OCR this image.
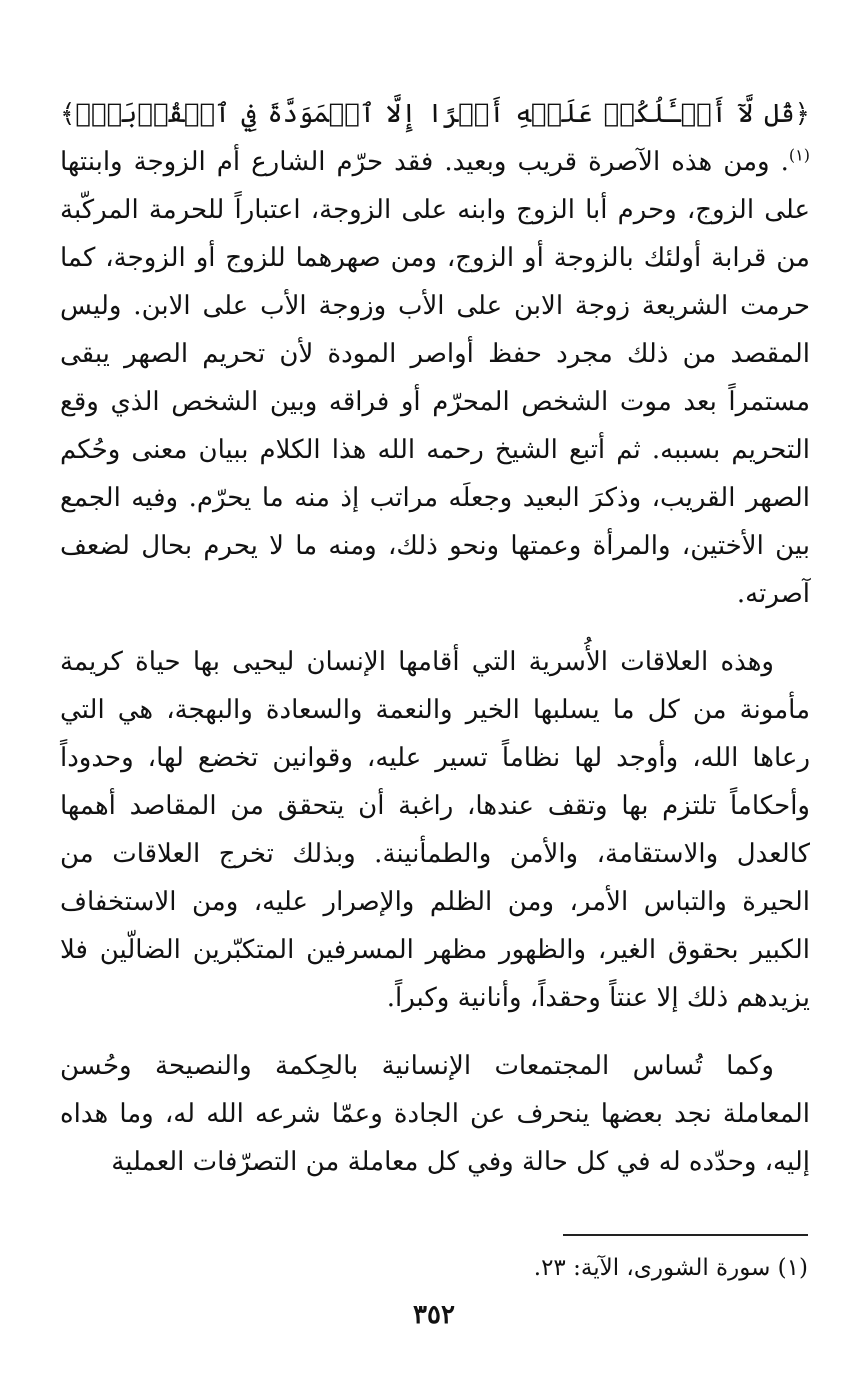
﴿قُل لَّآ أَسۡـَٔلُكُمۡ عَلَيۡهِ أَجۡرًا إِلَّا ٱلۡمَوَدَّةَ فِي ٱلۡقُرۡبَىٰۗ﴾$^{(١)}$. ومن هذه الآصرة قريب وبعيد. فقد حرّم الشارع أم الزوجة وابنتها على الزوج، وحرم أبا الزوج وابنه على الزوجة، اعتباراً للحرمة المركّبة من قرابة أولئك بالزوجة أو الزوج، ومن صهرهما للزوج أو الزوجة، كما حرمت الشريعة زوجة الابن على الأب وزوجة الأب على الابن. وليس المقصد من ذلك مجرد حفظ أواصر المودة لأن تحريم الصهر يبقى مستمراً بعد موت الشخص المحرّم أو فراقه وبين الشخص الذي وقع التحريم بسببه. ثم أتبع الشيخ رحمه الله هذا الكلام ببيان معنى وحُكم الصهر القريب، وذكرَ البعيد وجعلَه مراتب إذ منه ما يحرّم. وفيه الجمع بين الأختين، والمرأة وعمتها ونحو ذلك، ومنه ما لا يحرم بحال لضعف آصرته.

وهذه العلاقات الأُسرية التي أقامها الإنسان ليحيى بها حياة كريمة مأمونة من كل ما يسلبها الخير والنعمة والسعادة والبهجة، هي التي رعاها الله، وأوجد لها نظاماً تسير عليه، وقوانين تخضع لها، وحدوداً وأحكاماً تلتزم بها وتقف عندها، راغبة أن يتحقق من المقاصد أهمها كالعدل والاستقامة، والأمن والطمأنينة. وبذلك تخرج العلاقات من الحيرة والتباس الأمر، ومن الظلم والإصرار عليه، ومن الاستخفاف الكبير بحقوق الغير، والظهور مظهر المسرفين المتكبّرين الضالّين فلا يزيدهم ذلك إلا عنتاً وحقداً، وأنانية وكبراً.

وكما تُساس المجتمعات الإنسانية بالحِكمة والنصيحة وحُسن المعاملة نجد بعضها ينحرف عن الجادة وعمّا شرعه الله له، وما هداه إليه، وحدّده له في كل حالة وفي كل معاملة من التصرّفات العملية

(١) سورة الشورى، الآية: ٢٣.

٣٥٢
